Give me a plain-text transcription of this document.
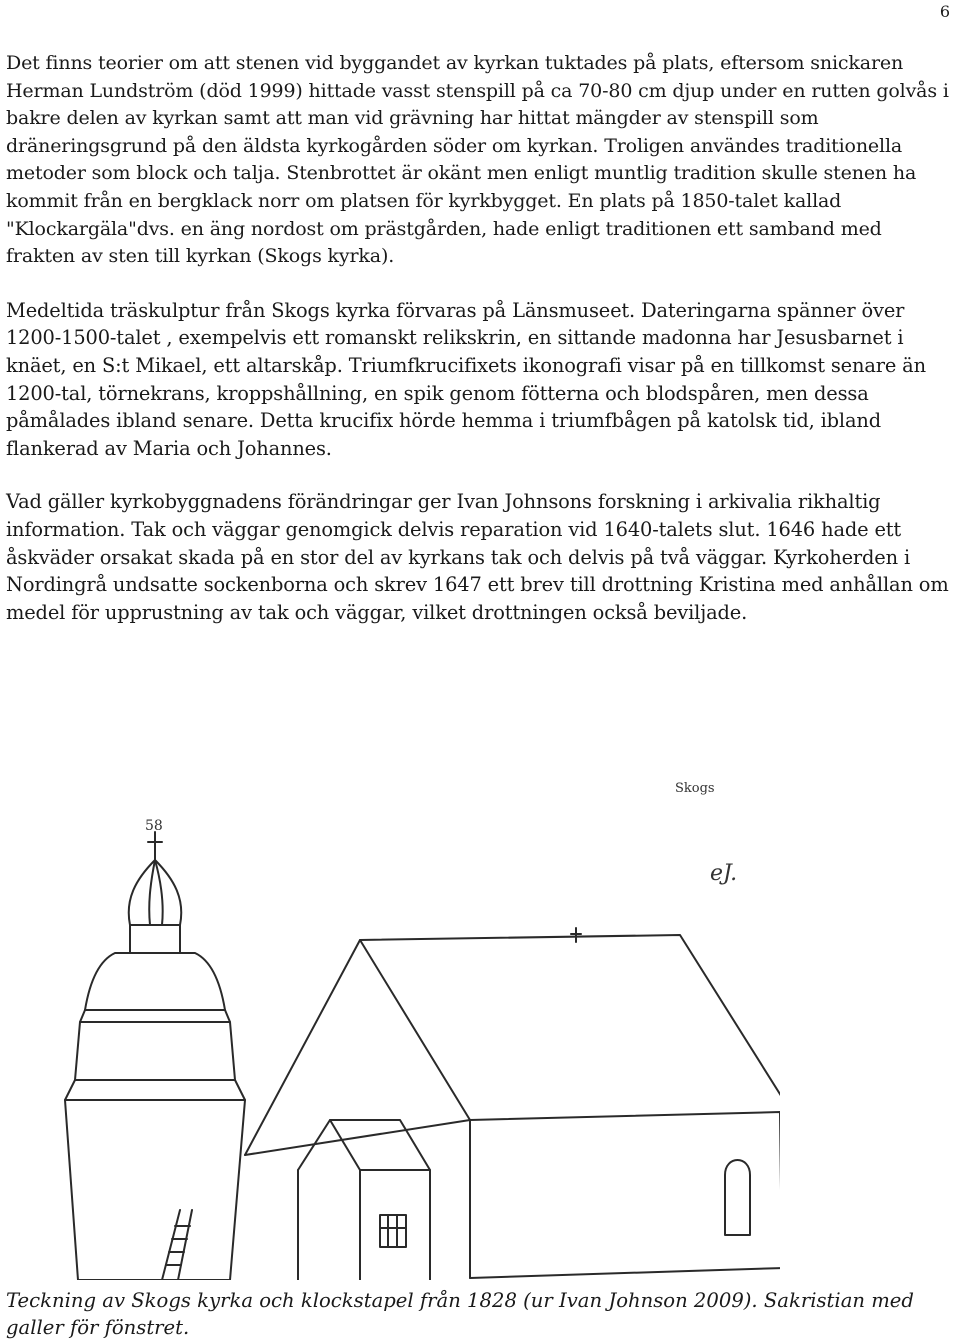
6

Det finns teorier om att stenen vid byggandet av kyrkan tuktades på plats, eftersom snickaren Herman Lundström (död 1999) hittade vasst stenspill på ca 70-80 cm djup under en rutten golvås i bakre delen av kyrkan samt att man vid grävning har hittat mängder av stenspill som dräneringsgrund på den äldsta kyrkogården söder om kyrkan. Troligen användes traditionella metoder som block och talja. Stenbrottet är okänt men enligt muntlig tradition skulle stenen ha kommit från en bergklack norr om platsen för kyrkbygget. En plats på 1850-talet kallad "Klockargäla"dvs. en äng nordost om prästgården, hade enligt traditionen ett samband med frakten av sten till kyrkan (Skogs kyrka).

Medeltida träskulptur från Skogs kyrka förvaras på Länsmuseet. Dateringarna spänner över 1200-1500-talet , exempelvis ett romanskt relikskrin, en sittande madonna har Jesusbarnet i knäet, en S:t Mikael, ett altarskåp. Triumfkrucifixets ikonografi visar på en tillkomst senare än 1200-tal, törnekrans, kroppshållning, en spik genom fötterna och blodspåren, men dessa påmålades ibland senare. Detta krucifix hörde hemma i triumfbågen på katolsk tid, ibland flankerad av Maria och Johannes.

Vad gäller kyrkobyggnadens förändringar ger Ivan Johnsons forskning i arkivalia rikhaltig information. Tak och väggar genomgick delvis reparation vid 1640-talets slut. 1646 hade ett åskväder orsakat skada på en stor del av kyrkans tak och delvis på två väggar. Kyrkoherden i Nordingrå undsatte sockenborna och skrev 1647 ett brev till drottning Kristina med anhållan om medel för upprustning av tak och väggar, vilket drottningen också beviljade.

Skogs
eJ.
58

Teckning av Skogs kyrka och klockstapel från 1828 (ur Ivan Johnson 2009). Sakristian med galler för fönstret.
